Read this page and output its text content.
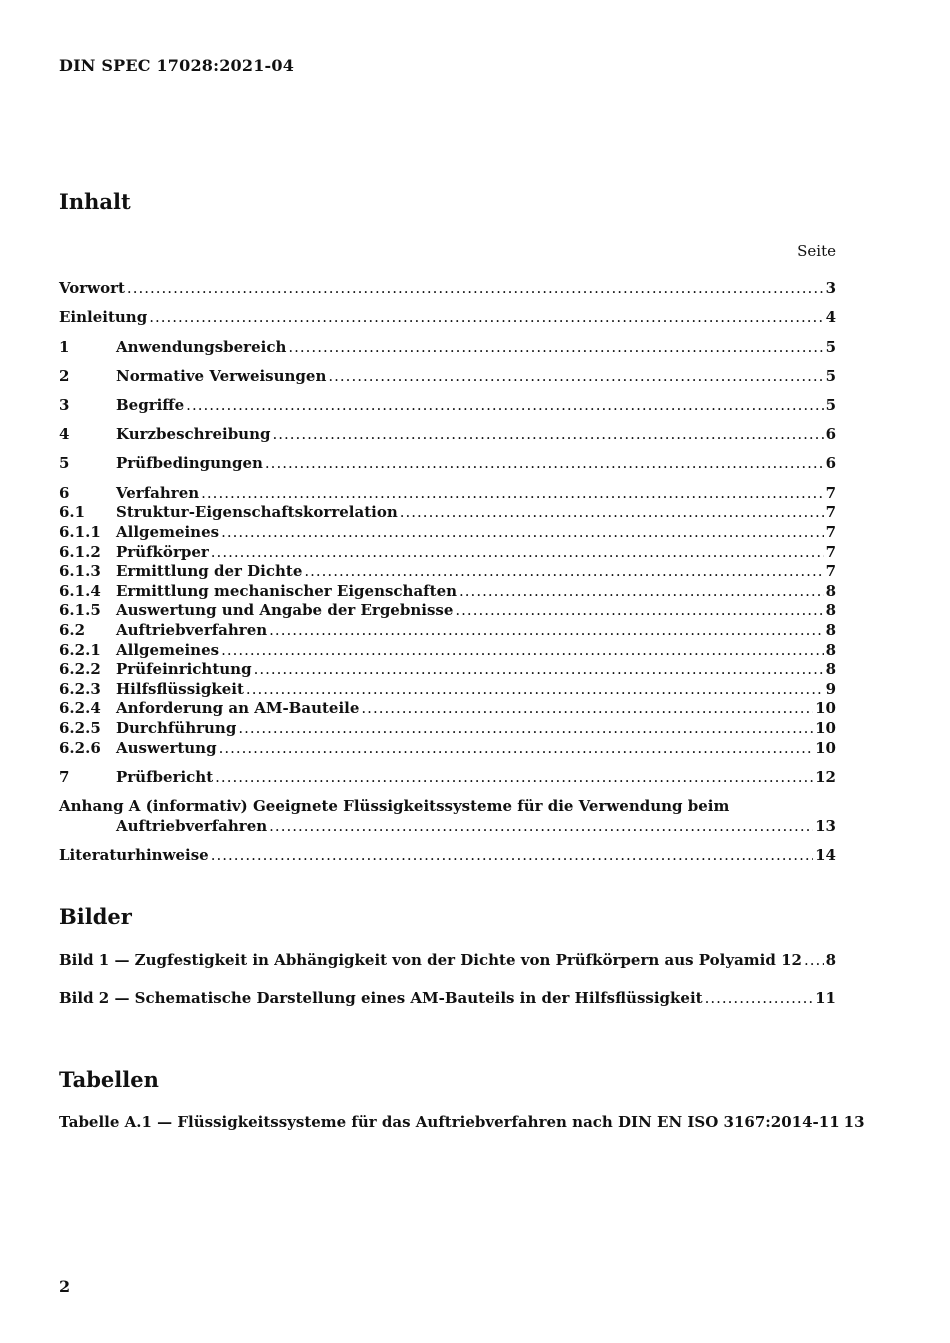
DIN SPEC 17028:2021-04
Inhalt
Seite
Vorwort .....	3
Einleitung .....	4
1	Anwendungsbereich .....	5
2	Normative Verweisungen .....	5
3	Begriffe .....	5
4	Kurzbeschreibung .....	6
5	Prüfbedingungen .....	6
6	Verfahren .....	7
6.1	Struktur-Eigenschaftskorrelation .....	7
6.1.1	Allgemeines .....	7
6.1.2	Prüfkörper .....	7
6.1.3	Ermittlung der Dichte .....	7
6.1.4	Ermittlung mechanischer Eigenschaften .....	8
6.1.5	Auswertung und Angabe der Ergebnisse .....	8
6.2	Auftriebverfahren .....	8
6.2.1	Allgemeines .....	8
6.2.2	Prüfeinrichtung .....	8
6.2.3	Hilfsflüssigkeit .....	9
6.2.4	Anforderung an AM-Bauteile .....	10
6.2.5	Durchführung .....	10
6.2.6	Auswertung .....	10
7	Prüfbericht .....	12
Anhang A (informativ) Geeignete Flüssigkeitssysteme für die Verwendung beim
Auftriebverfahren .....	13
Literaturhinweise .....	14
Bild 1 — Zugfestigkeit in Abhängigkeit von der Dichte von Prüfkörpern aus Polyamid 12 ..... 8
Bild 2 — Schematische Darstellung eines AM-Bauteils in der Hilfsflüssigkeit .....	11
Tabelle A.1 — Flüssigkeitssysteme für das Auftriebverfahren nach DIN EN ISO 3167:2014-11 13
Bilder
Tabellen
2
